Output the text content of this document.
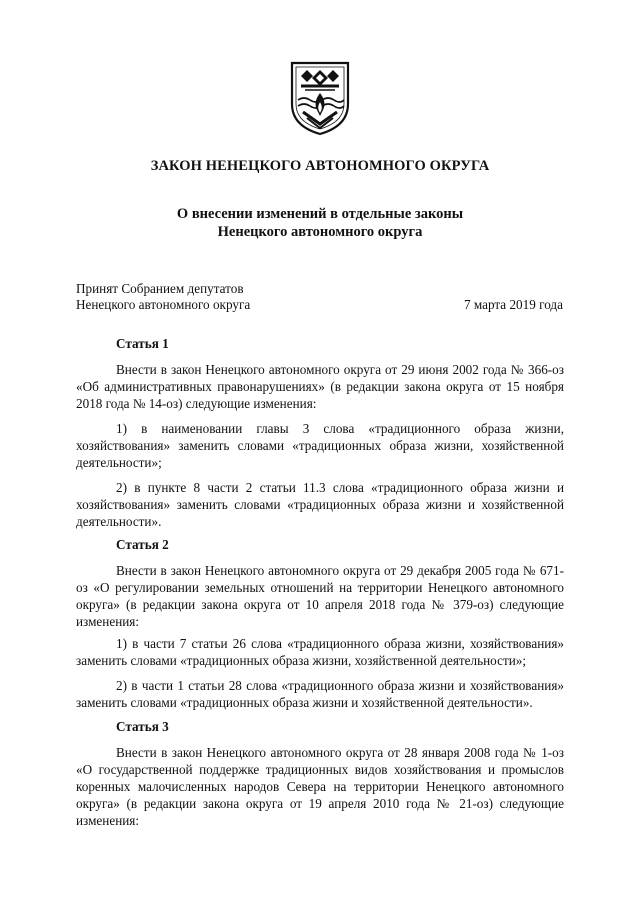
ЗАКОН НЕНЕЦКОГО АВТОНОМНОГО ОКРУГА
О внесении изменений в отдельные законы
Ненецкого автономного округа
Принят Собранием депутатов
Ненецкого автономного округа	7 марта 2019 года
Статья 1
Внести в закон Ненецкого автономного округа от 29 июня 2002 года № 366-оз «Об административных правонарушениях» (в редакции закона округа от 15 ноября 2018 года № 14-оз) следующие изменения:
1) в наименовании главы 3 слова «традиционного образа жизни, хозяйствования» заменить словами «традиционных образа жизни, хозяйственной деятельности»;
2) в пункте 8 части 2 статьи 11.3 слова «традиционного образа жизни и хозяйствования» заменить словами «традиционных образа жизни и хозяйственной деятельности».
Статья 2
Внести в закон Ненецкого автономного округа от 29 декабря 2005 года № 671-оз «О регулировании земельных отношений на территории Ненецкого автономного округа» (в редакции закона округа от 10 апреля 2018 года № 379-оз) следующие изменения:
1) в части 7 статьи 26 слова «традиционного образа жизни, хозяйствования» заменить словами «традиционных образа жизни, хозяйственной деятельности»;
2) в части 1 статьи 28 слова «традиционного образа жизни и хозяйствования» заменить словами «традиционных образа жизни и хозяйственной деятельности».
Статья 3
Внести в закон Ненецкого автономного округа от 28 января 2008 года № 1-оз «О государственной поддержке традиционных видов хозяйствования и промыслов коренных малочисленных народов Севера на территории Ненецкого автономного округа» (в редакции закона округа от 19 апреля 2010 года № 21-оз) следующие изменения:
